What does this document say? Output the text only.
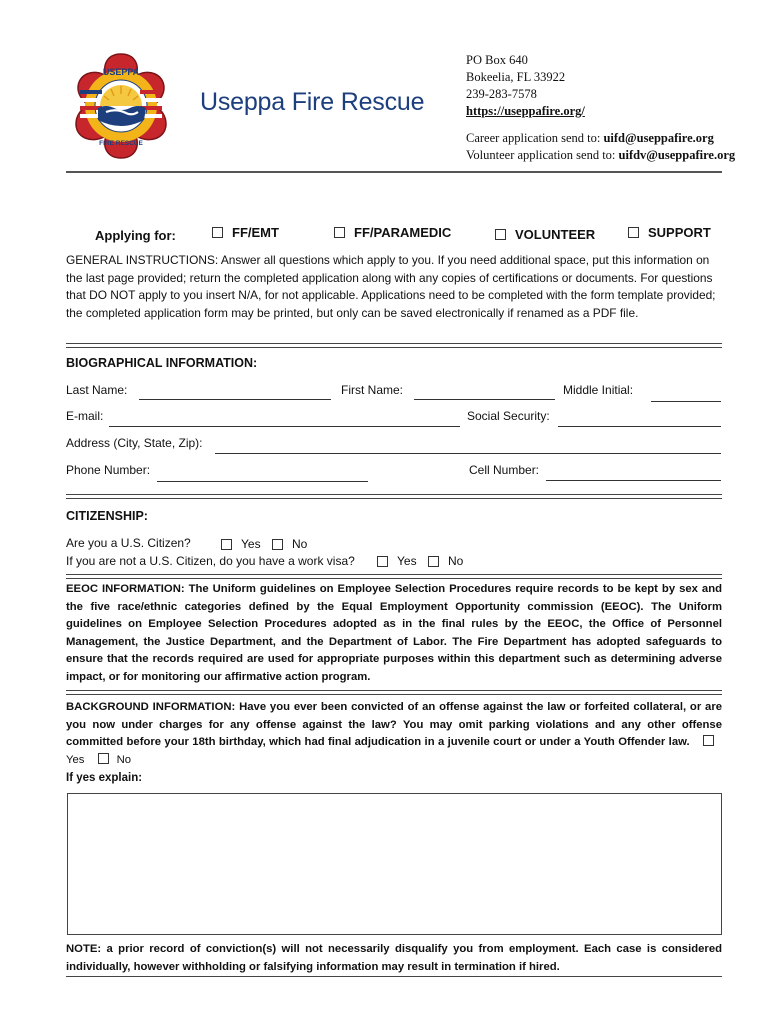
USEPPA
FIRE RESCUE
Useppa Fire Rescue
PO Box 640
Bokeelia, FL 33922
239-283-7578
https://useppafire.org/
Career application send to: uifd@useppafire.org
Volunteer application send to: uifdv@useppafire.org
Applying for:	FF/EMT	FF/PARAMEDIC	VOLUNTEER	SUPPORT
GENERAL INSTRUCTIONS: Answer all questions which apply to you. If you need additional space, put this information on the last page provided; return the completed application along with any copies of certifications or documents. For questions that DO NOT apply to you insert N/A, for not applicable. Applications need to be completed with the form template provided; the completed application form may be printed, but only can be saved electronically if renamed as a PDF file.
BIOGRAPHICAL INFORMATION:
Last Name:	First Name:	Middle Initial:
E-mail:	Social Security:
Address (City, State, Zip):
Phone Number:	Cell Number:
CITIZENSHIP:
Are you a U.S. Citizen?	Yes	No
If you are not a U.S. Citizen, do you have a work visa?	Yes	No
EEOC INFORMATION: The Uniform guidelines on Employee Selection Procedures require records to be kept by sex and the five race/ethnic categories defined by the Equal Employment Opportunity commission (EEOC). The Uniform guidelines on Employee Selection Procedures adopted as in the final rules by the EEOC, the Office of Personnel Management, the Justice Department, and the Department of Labor. The Fire Department has adopted safeguards to ensure that the records required are used for appropriate purposes within this department such as determining adverse impact, or for monitoring our affirmative action program.
BACKGROUND INFORMATION: Have you ever been convicted of an offense against the law or forfeited collateral, or are you now under charges for any offense against the law? You may omit parking violations and any other offense committed before your 18th birthday, which had final adjudication in a juvenile court or under a Youth Offender law. Yes	No
If yes explain:
NOTE: a prior record of conviction(s) will not necessarily disqualify you from employment. Each case is considered individually, however withholding or falsifying information may result in termination if hired.
